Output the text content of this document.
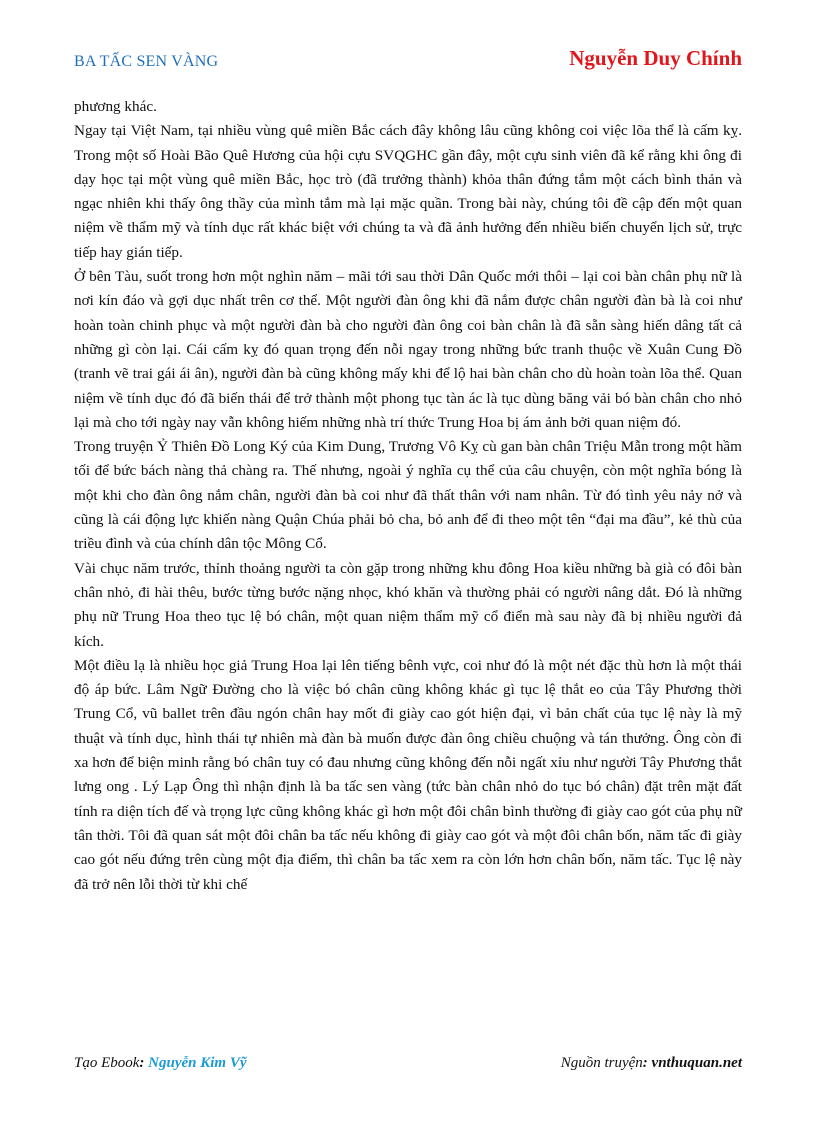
BA TẤC SEN VÀNG	Nguyễn Duy Chính

phương khác.

Ngay tại Việt Nam, tại nhiều vùng quê miền Bắc cách đây không lâu cũng không coi việc lõa thể là cấm kỵ. Trong một số Hoài Bão Quê Hương của hội cựu SVQGHC gần đây, một cựu sinh viên đã kể rằng khi ông đi dạy học tại một vùng quê miền Bắc, học trò (đã trưởng thành) khỏa thân đứng tắm một cách bình thản và ngạc nhiên khi thấy ông thầy của mình tắm mà lại mặc quần. Trong bài này, chúng tôi đề cập đến một quan niệm về thẩm mỹ và tính dục rất khác biệt với chúng ta và đã ảnh hưởng đến nhiều biến chuyển lịch sử, trực tiếp hay gián tiếp.

Ở bên Tàu, suốt trong hơn một nghìn năm – mãi tới sau thời Dân Quốc mới thôi – lại coi bàn chân phụ nữ là nơi kín đáo và gợi dục nhất trên cơ thể. Một người đàn ông khi đã nắm được chân người đàn bà là coi như hoàn toàn chinh phục và một người đàn bà cho người đàn ông coi bàn chân là đã sẵn sàng hiến dâng tất cả những gì còn lại. Cái cấm kỵ đó quan trọng đến nỗi ngay trong những bức tranh thuộc về Xuân Cung Đồ (tranh vẽ trai gái ái ân), người đàn bà cũng không mấy khi để lộ hai bàn chân cho dù hoàn toàn lõa thể. Quan niệm về tính dục đó đã biến thái để trở thành một phong tục tàn ác là tục dùng băng vải bó bàn chân cho nhỏ lại mà cho tới ngày nay vẫn không hiếm những nhà trí thức Trung Hoa bị ám ảnh bởi quan niệm đó.

Trong truyện Ỷ Thiên Đồ Long Ký của Kim Dung, Trương Vô Kỵ cù gan bàn chân Triệu Mẫn trong một hầm tối để bức bách nàng thả chàng ra. Thế nhưng, ngoài ý nghĩa cụ thể của câu chuyện, còn một nghĩa bóng là một khi cho đàn ông nắm chân, người đàn bà coi như đã thất thân với nam nhân. Từ đó tình yêu nảy nở và cũng là cái động lực khiến nàng Quận Chúa phải bỏ cha, bỏ anh để đi theo một tên “đại ma đầu”, kẻ thù của triều đình và của chính dân tộc Mông Cổ.

Vài chục năm trước, thỉnh thoảng người ta còn gặp trong những khu đông Hoa kiều những bà già có đôi bàn chân nhỏ, đi hài thêu, bước từng bước nặng nhọc, khó khăn và thường phải có người nâng dắt. Đó là những phụ nữ Trung Hoa theo tục lệ bó chân, một quan niệm thẩm mỹ cổ điển mà sau này đã bị nhiều người đả kích.

Một điều lạ là nhiều học giả Trung Hoa lại lên tiếng bênh vực, coi như đó là một nét đặc thù hơn là một thái độ áp bức. Lâm Ngữ Đường cho là việc bó chân cũng không khác gì tục lệ thắt eo của Tây Phương thời Trung Cổ, vũ ballet trên đầu ngón chân hay mốt đi giày cao gót hiện đại, vì bản chất của tục lệ này là mỹ thuật và tính dục, hình thái tự nhiên mà đàn bà muốn được đàn ông chiều chuộng và tán thưởng. Ông còn đi xa hơn để biện minh rằng bó chân tuy có đau nhưng cũng không đến nỗi ngất xỉu như người Tây Phương thắt lưng ong . Lý Lạp Ông thì nhận định là ba tấc sen vàng (tức bàn chân nhỏ do tục bó chân) đặt trên mặt đất tính ra diện tích đế và trọng lực cũng không khác gì hơn một đôi chân bình thường đi giày cao gót của phụ nữ tân thời. Tôi đã quan sát một đôi chân ba tấc nếu không đi giày cao gót và một đôi chân bốn, năm tấc đi giày cao gót nếu đứng trên cùng một địa điểm, thì chân ba tấc xem ra còn lớn hơn chân bốn, năm tấc. Tục lệ này đã trở nên lỗi thời từ khi chế

Tạo Ebook: Nguyễn Kim Vỹ	Nguồn truyện: vnthuquan.net
